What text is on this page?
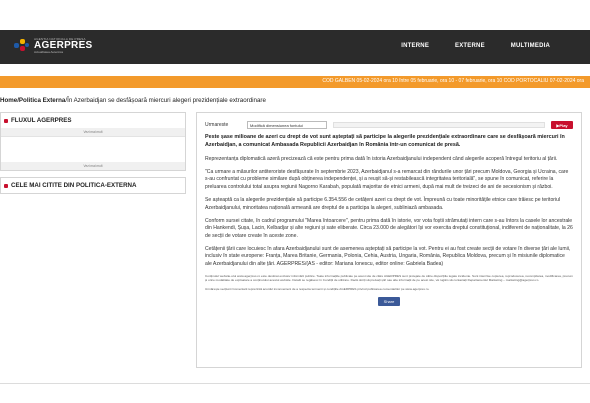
AGENTIA NATIONALA DE PRESA
AGERPRES
ActualItatea Autentica
INTERNE	EXTERNE	MULTIMEDIA
COD GALBEN 05-02-2024 ora 10 între 05 februarie, ora 10 - 07 februarie, ora 10 COD PORTOCALIU 07-02-2024 ora
Home/Politica Externa/În Azerbaidjan se desfășoară miercuri alegeri prezidențiale extraordinare
FLUXUL AGERPRES
Vezi mai mult
Vezi mai mult
CELE MAI CITITE DIN POLITICA-EXTERNA
Urmareste	Modifică dimensiunea fontului	▶ Play

Peste șase milioane de azeri cu drept de vot sunt așteptați să participe la alegerile prezidențiale extraordinare care se desfășoară miercuri în Azerbaidjan, a comunicat Ambasada Republicii Azerbaidjan în România într-un comunicat de presă.

Reprezentanța diplomatică azeră precizează că este pentru prima dată în istoria Azerbaidjanului independent când alegerile acoperă întregul teritoriu al țării.

"Ca urmare a măsurilor antiteroriste desfășurate în septembrie 2023, Azerbaidjanul s-a remarcat din rândurile unor țări precum Moldova, Georgia și Ucraina, care s-au confruntat cu probleme similare după obținerea independenței, și a reușit să-și restabilească integritatea teritorială", se spune în comunicat, referire la preluarea controlului total asupra regiunii Nagorno Karabah, populată majoritar de etnici armeni, după mai mult de treizeci de ani de secesionism și război.

Se așteaptă ca la alegerile prezidențiale să participe 6.354.556 de cetățeni azeri cu drept de vot. Împreună cu toate minoritățile etnice care trăiesc pe teritoriul Azerbaidjanului, minoritatea națională armeană are dreptul de a participa la alegeri, subliniază ambasada.

Conform sursei citate, în cadrul programului "Marea întoarcere", pentru prima dată în istorie, vor vota foștii strămutați intern care s-au întors la casele lor ancestrale din Hankendi, Șușa, Lacin, Kelbadjar și alte regiuni și sate eliberate. Circa 23.000 de alegători își vor exercita dreptul constituțional, indiferent de naționalitate, la 26 de secții de votare create în aceste zone.

Cetățenii țării care locuiesc în afara Azerbaidjanului sunt de asemenea așteptați să participe la vot. Pentru ei au fost create secții de votare în diverse țări ale lumii, inclusiv în state europene: Franța, Marea Britanie, Germania, Polonia, Cehia, Austria, Ungaria, România, Republica Moldova, precum și în misiunile diplomatice ale Azerbaidjanului din alte țări. AGERPRES/(AS - editor: Mariana Ionescu, editor online: Gabriela Badea)

Conținutul website-ului www.agerpres.ro este destinat exclusiv informării publice. Toate informațiile publicate pe acest site de către AGERPRES sunt protejate de către dispozițiile legale incidente. Sunt interzise copierea, reproducerea, recompilarea, modificarea, precum și orice modalitate de exploatare a conținutului acestui website. Detalii se regăsesc în Condiții de utilizare. Dacă doriți să preluați știri sau alte informații de pe acest site, vă rugăm să contactați Departamentul Marketing – marketing@agerpres.ro.

Urmărește secțiunii Comentarii reprezintă acordul inconvenient de a respecta termenii și condițiile AGERPRES privind publicarea comentariilor pe www.agerpres.ro.

Share
